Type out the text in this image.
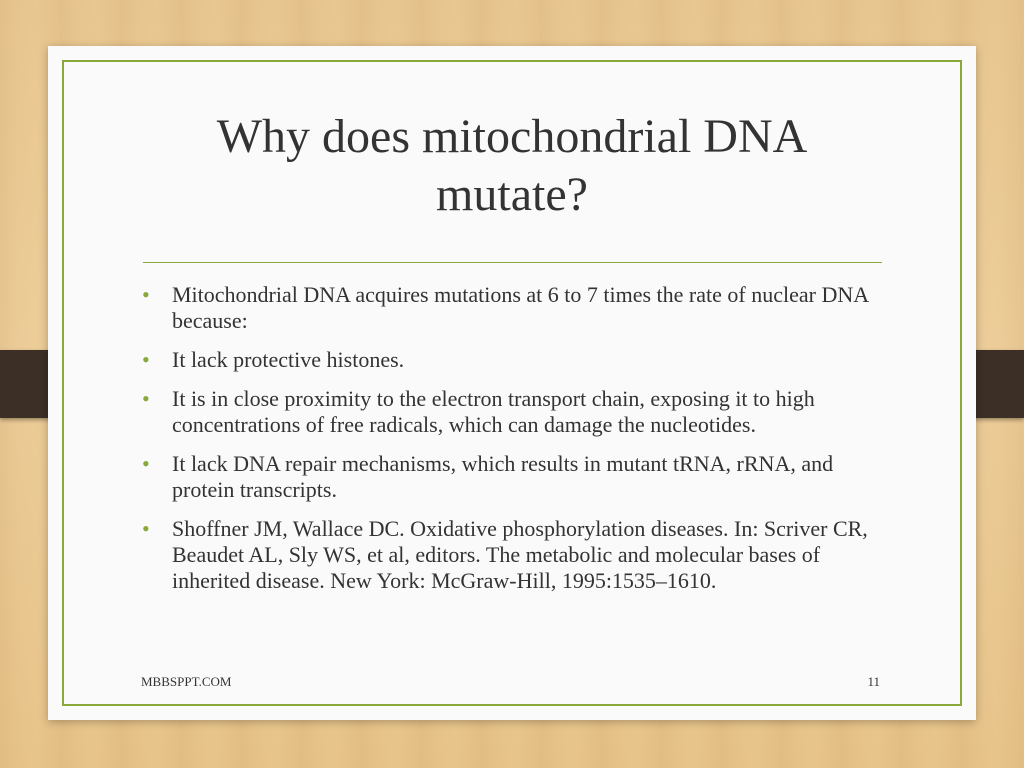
Why does mitochondrial DNA
mutate?
• Mitochondrial DNA acquires mutations at 6 to 7 times the rate of nuclear DNA because:
• It lack protective histones.
• It is in close proximity to the electron transport chain, exposing it to high concentrations of free radicals, which can damage the nucleotides.
• It lack DNA repair mechanisms, which results in mutant tRNA, rRNA, and protein transcripts.
• Shoffner JM, Wallace DC. Oxidative phosphorylation diseases. In: Scriver CR, Beaudet AL, Sly WS, et al, editors. The metabolic and molecular bases of inherited disease. New York: McGraw-Hill, 1995:1535–1610.
MBBSPPT.COM	11
